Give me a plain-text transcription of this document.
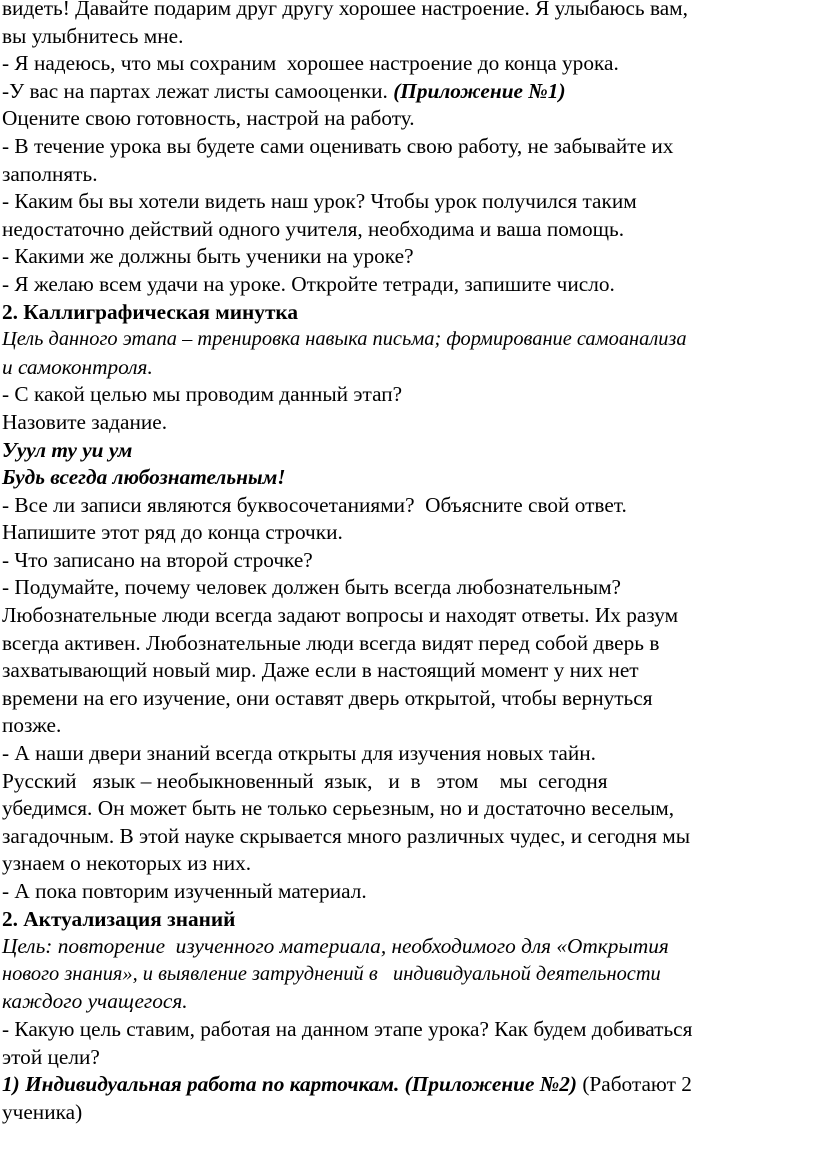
видеть! Давайте подарим друг другу хорошее настроение. Я улыбаюсь вам,
вы улыбнитесь мне.
- Я надеюсь, что мы сохраним  хорошее настроение до конца урока.
-У вас на партах лежат листы самооценки. (Приложение №1)
Оцените свою готовность, настрой на работу.
- В течение урока вы будете сами оценивать свою работу, не забывайте их
заполнять.
- Каким бы вы хотели видеть наш урок? Чтобы урок получился таким
недостаточно действий одного учителя, необходима и ваша помощь.
- Какими же должны быть ученики на уроке?
- Я желаю всем удачи на уроке. Откройте тетради, запишите число.
2. Каллиграфическая минутка
Цель данного этапа – тренировка навыка письма; формирование самоанализа
и самоконтроля.
- С какой целью мы проводим данный этап?
Назовите задание.
Уyул ту уи ум
Будь всегда любознательным!
- Все ли записи являются буквосочетаниями?  Объясните свой ответ.
Напишите этот ряд до конца строчки.
- Что записано на второй строчке?
- Подумайте, почему человек должен быть всегда любознательным?
Любознательные люди всегда задают вопросы и находят ответы. Их разум
всегда активен. Любознательные люди всегда видят перед собой дверь в
захватывающий новый мир. Даже если в настоящий момент у них нет
времени на его изучение, они оставят дверь открытой, чтобы вернуться
позже.
- А наши двери знаний всегда открыты для изучения новых тайн.
Русский   язык – необыкновенный  язык,   и  в   этом    мы  сегодня
убедимся. Он может быть не только серьезным, но и достаточно веселым,
загадочным. В этой науке скрывается много различных чудес, и сегодня мы
узнаем о некоторых из них.
- А пока повторим изученный материал.
2. Актуализация знаний
Цель: повторение  изученного материала, необходимого для «Открытия
нового знания», и выявление затруднений в   индивидуальной деятельности
каждого учащегося.
- Какую цель ставим, работая на данном этапе урока? Как будем добиваться
этой цели?
1) Индивидуальная работа по карточкам. (Приложение №2) (Работают 2
ученика)
